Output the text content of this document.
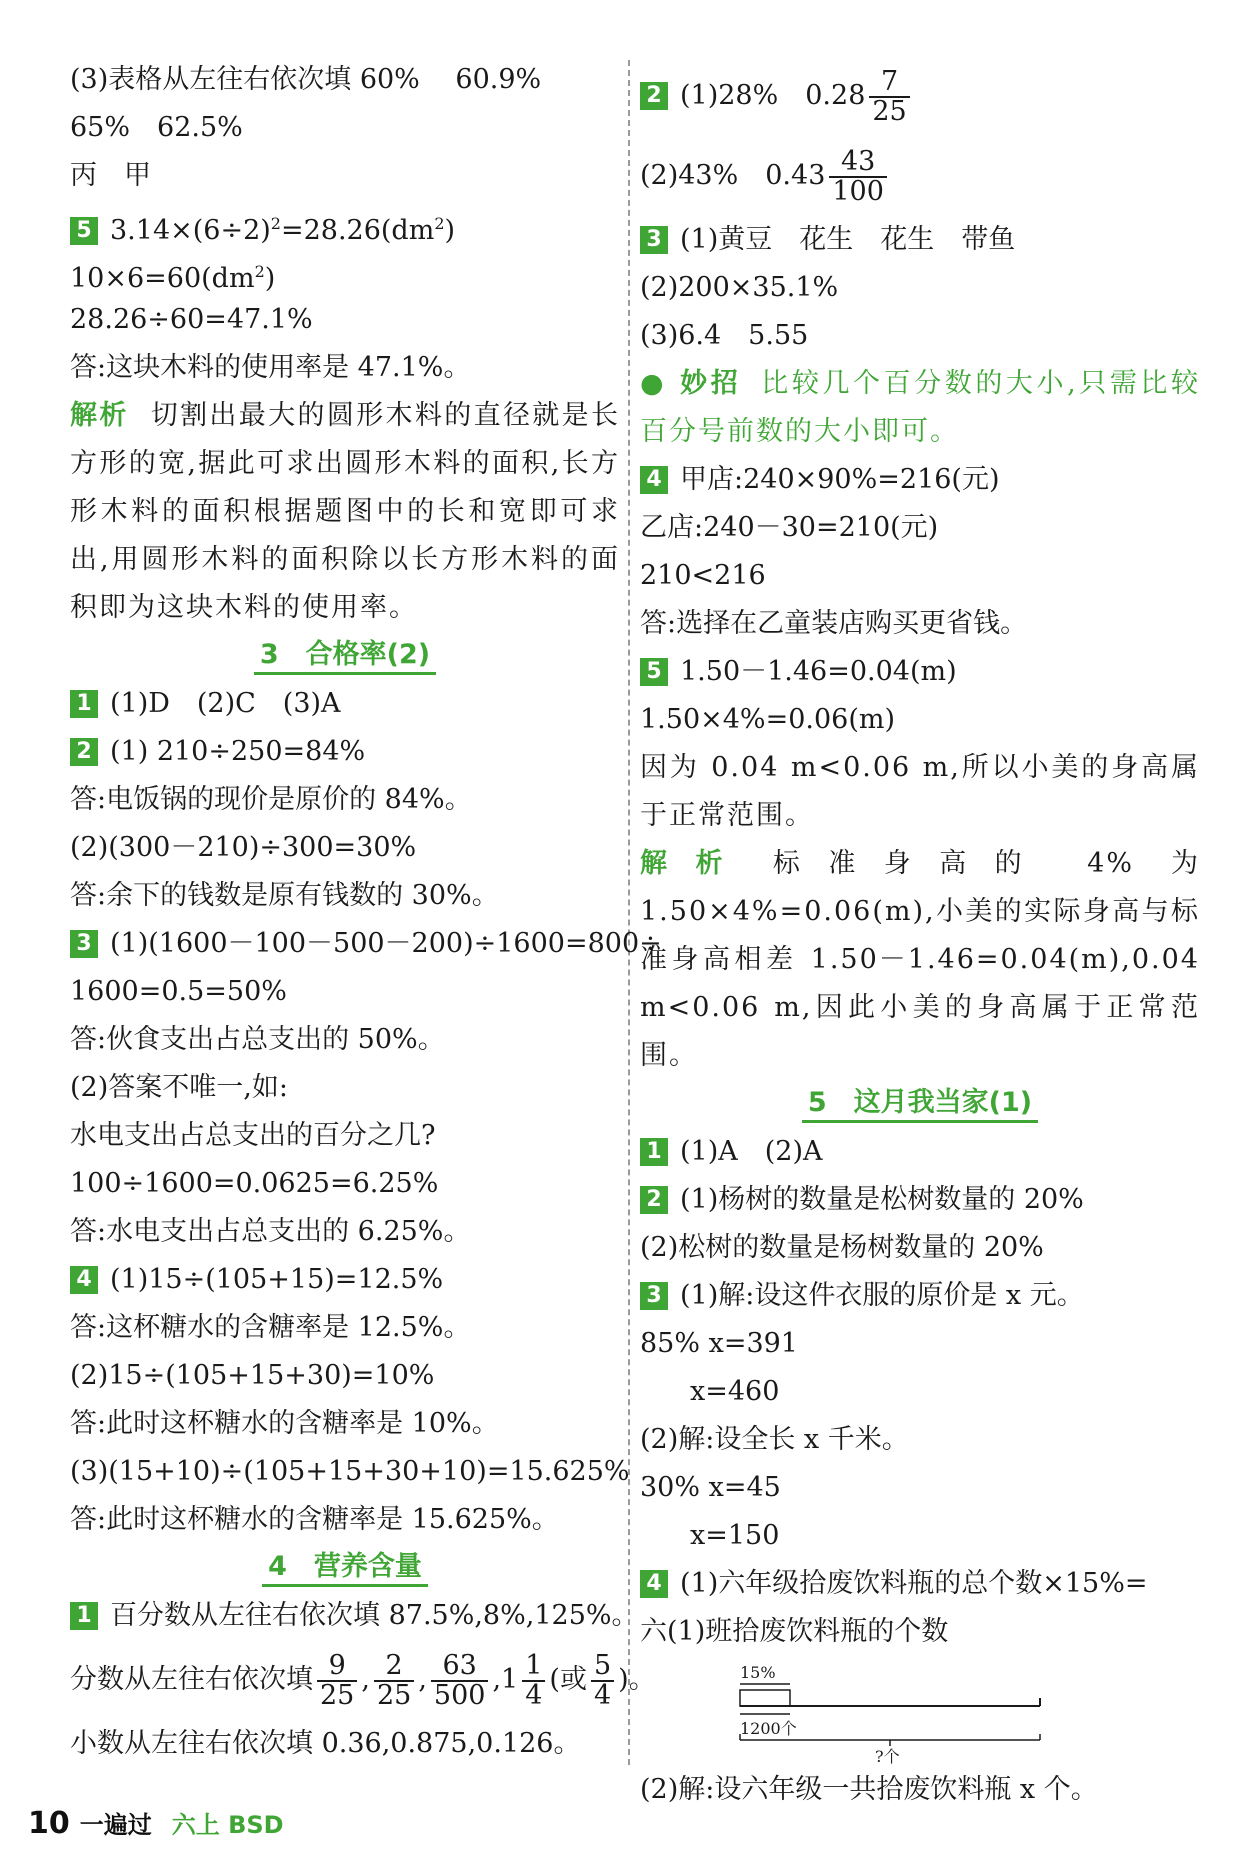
(3)表格从左往右依次填 60%　 60.9%
65%　62.5%
丙　甲
5 $3.14\times(6\div 2)^2=28.26(dm^2)$
$10\times 6=60(dm^2)$
28.26÷60=47.1%
答:这块木料的使用率是 47.1%。
解析 切割出最大的圆形木料的直径就是长方形的宽,据此可求出圆形木料的面积,长方形木料的面积根据题图中的长和宽即可求出,用圆形木料的面积除以长方形木料的面积即为这块木料的使用率。
3　合格率(2)
1 (1)D　(2)C　(3)A
2 (1) 210÷250=84%
答:电饭锅的现价是原价的 84%。
(2)(300－210)÷300=30%
答:余下的钱数是原有钱数的 30%。
3 (1)(1600－100－500－200)÷1600=800÷
1600=0.5=50%
答:伙食支出占总支出的 50%。
(2)答案不唯一,如:
水电支出占总支出的百分之几?
100÷1600=0.0625=6.25%
答:水电支出占总支出的 6.25%。
4 (1)15÷(105+15)=12.5%
答:这杯糖水的含糖率是 12.5%。
(2)15÷(105+15+30)=10%
答:此时这杯糖水的含糖率是 10%。
(3)(15+10)÷(105+15+30+10)=15.625%
答:此时这杯糖水的含糖率是 15.625%。
4　营养含量
1 百分数从左往右依次填 87.5%,8%,125%。
分数从左往右依次填 $\frac{9}{25}$ , $\frac{2}{25}$ , $\frac{63}{500} ,1 \frac{1}{4}$ (或 $\frac{5}{4}$ )。
小数从左往右依次填 0.36,0.875,0.126。
2 (1)28%　$0.28 \frac{7}{25}$
(2)43%　$0.43 \frac{43}{100}$
3 (1)黄豆　花生　花生　带鱼
(2)200×35.1%
(3)6.4　5.55
● 妙招 比较几个百分数的大小,只需比较百分号前数的大小即可。
4 甲店:240×90%=216(元)
乙店:240－30=210(元)
210<216
答:选择在乙童装店购买更省钱。
5 1.50－1.46=0.04(m)
1.50×4%=0.06(m)
因为 0.04 m<0.06 m,所以小美的身高属于正常范围。
解析 标准身高的 4% 为 1.50×4%=0.06(m),小美的实际身高与标准身高相差 1.50－1.46=0.04(m),0.04 m<0.06 m,因此小美的身高属于正常范围。
5　这月我当家(1)
1 (1)A　(2)A
2 (1)杨树的数量是松树数量的 20%
(2)松树的数量是杨树数量的 20%
3 (1)解:设这件衣服的原价是 x 元。
85% x=391
x=460
(2)解:设全长 x 千米。
30% x=45
x=150
4 (1)六年级拾废饮料瓶的总个数×15%=
六(1)班拾废饮料瓶的个数
15%
1200个
?个
(2)解:设六年级一共拾废饮料瓶 x 个。
10 一遍过 六上 BSD
